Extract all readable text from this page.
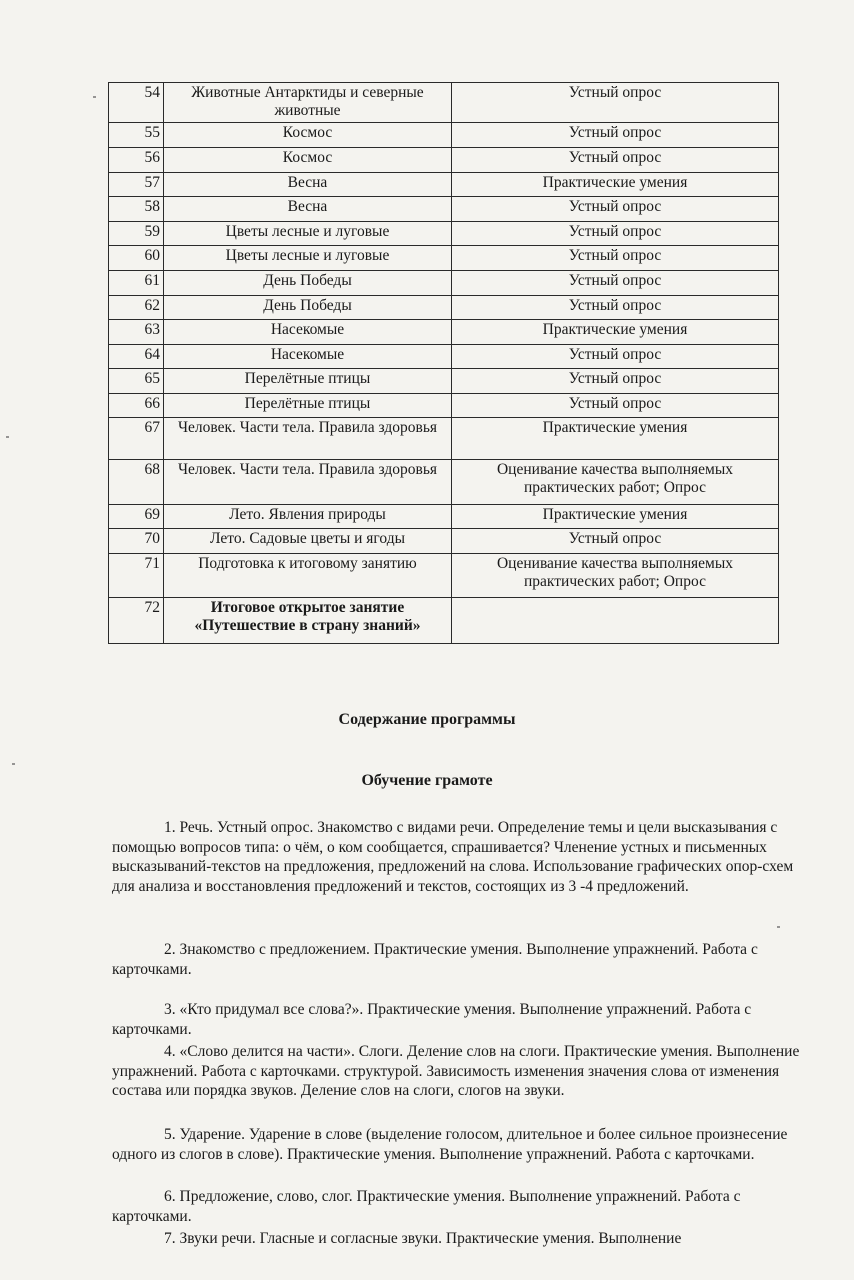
54	Животные Антарктиды и северные животные	Устный опрос
55	Космос	Устный опрос
56	Космос	Устный опрос
57	Весна	Практические умения
58	Весна	Устный опрос
59	Цветы лесные и луговые	Устный опрос
60	Цветы лесные и луговые	Устный опрос
61	День Победы	Устный опрос
62	День Победы	Устный опрос
63	Насекомые	Практические умения
64	Насекомые	Устный опрос
65	Перелётные птицы	Устный опрос
66	Перелётные птицы	Устный опрос
67	Человек. Части тела. Правила здоровья	Практические умения
68	Человек. Части тела. Правила здоровья	Оценивание качества выполняемых практических работ; Опрос
69	Лето. Явления природы	Практические умения
70	Лето. Садовые цветы и ягоды	Устный опрос
71	Подготовка к итоговому занятию	Оценивание качества выполняемых практических работ; Опрос
72	Итоговое открытое занятие «Путешествие в страну знаний»	
Содержание программы
Обучение грамоте
1. Речь. Устный опрос. Знакомство с видами речи. Определение темы и цели высказывания с помощью вопросов типа: о чём, о ком сообщается, спрашивается? Членение устных и письменных высказываний-текстов на предложения, предложений на слова. Использование графических опор-схем для анализа и восстановления предложений и текстов, состоящих из 3 -4 предложений.
2. Знакомство с предложением. Практические умения. Выполнение упражнений. Работа с карточками.
3. «Кто придумал все слова?». Практические умения. Выполнение упражнений. Работа с карточками.
4. «Слово делится на части». Слоги. Деление слов на слоги. Практические умения. Выполнение упражнений. Работа с карточками. структурой. Зависимость изменения значения слова от изменения состава или порядка звуков. Деление слов на слоги, слогов на звуки.
5. Ударение. Ударение в слове (выделение голосом, длительное и более сильное произнесение одного из слогов в слове). Практические умения. Выполнение упражнений. Работа с карточками.
6. Предложение, слово, слог. Практические умения. Выполнение упражнений. Работа с карточками.
7. Звуки речи. Гласные и согласные звуки. Практические умения. Выполнение
